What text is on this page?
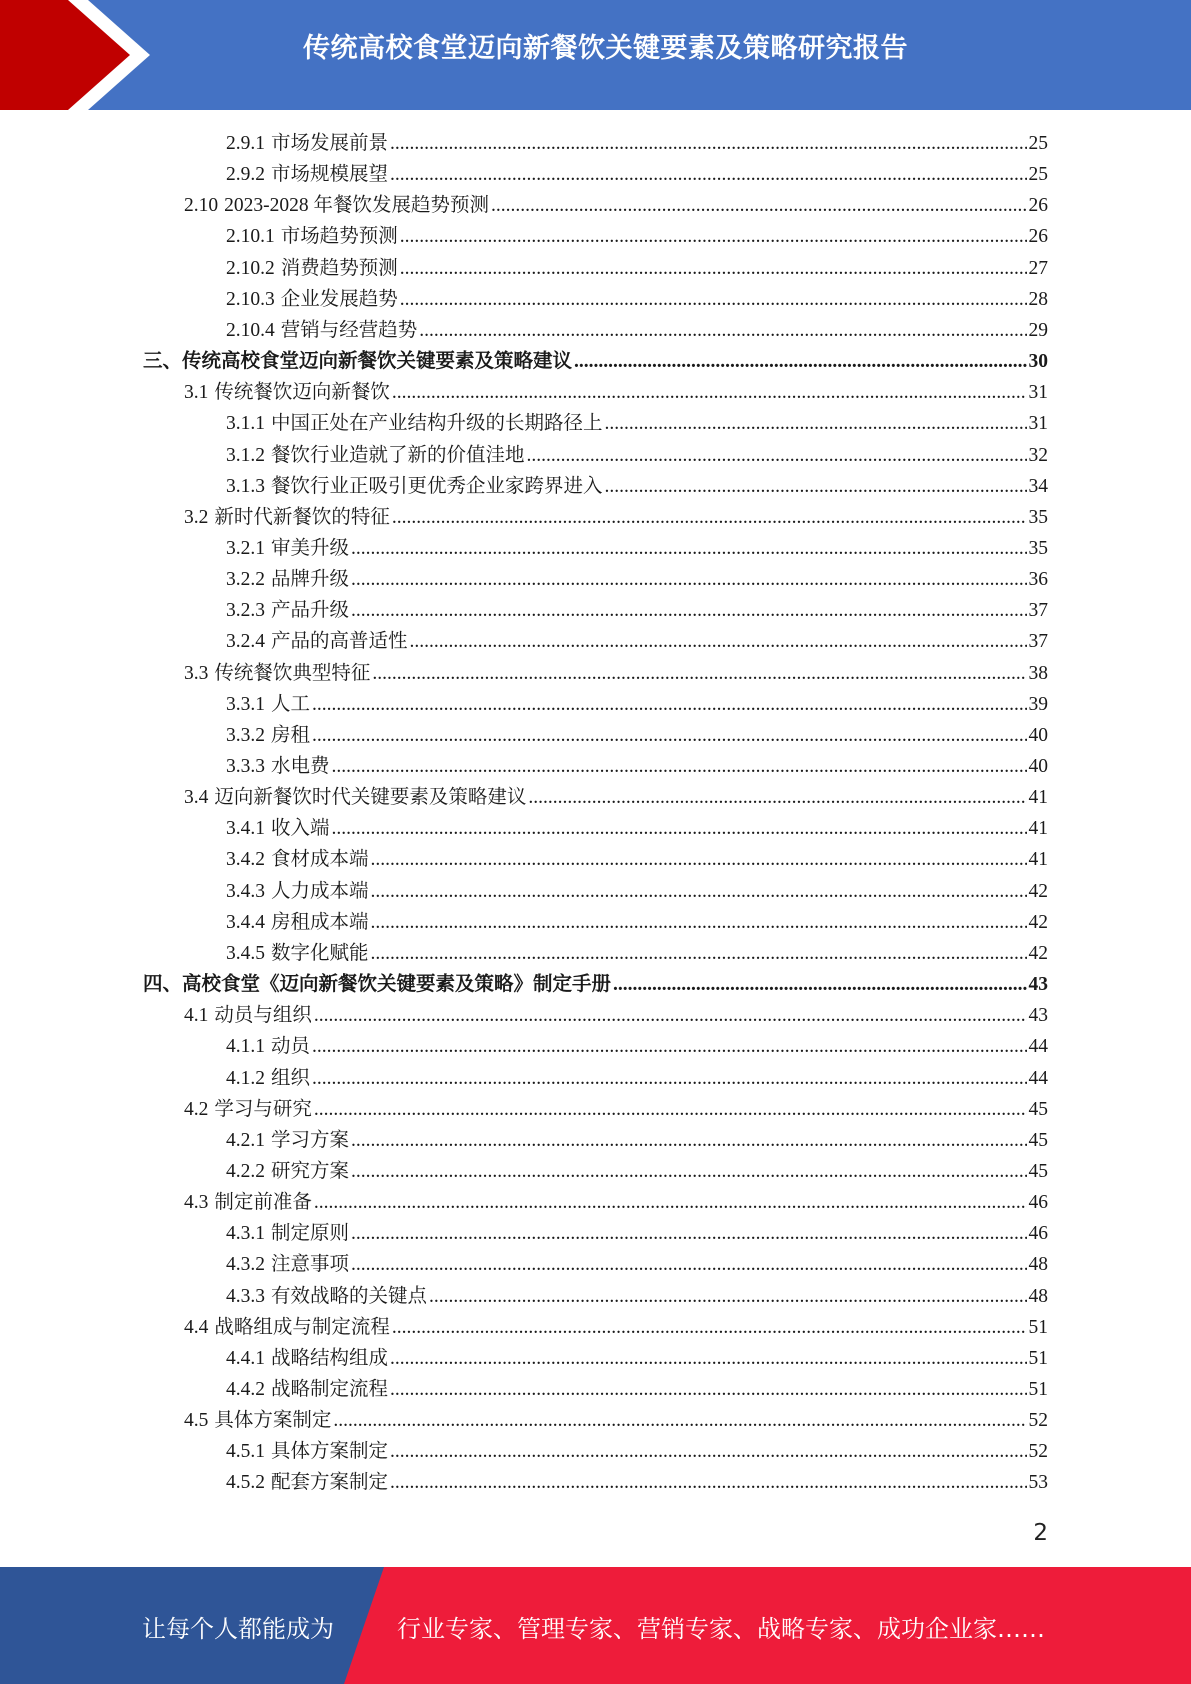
传统高校食堂迈向新餐饮关键要素及策略研究报告
2.9.1 市场发展前景 .....	25
2.9.2 市场规模展望 .....	25
2.10 2023-2028 年餐饮发展趋势预测 .....	26
2.10.1 市场趋势预测 .....	26
2.10.2 消费趋势预测 .....	27
2.10.3 企业发展趋势 .....	28
2.10.4 营销与经营趋势 .....	29
三、传统高校食堂迈向新餐饮关键要素及策略建议 .....	30
3.1 传统餐饮迈向新餐饮 .....	31
3.1.1 中国正处在产业结构升级的长期路径上 .....	31
3.1.2 餐饮行业造就了新的价值洼地 .....	32
3.1.3 餐饮行业正吸引更优秀企业家跨界进入 .....	34
3.2 新时代新餐饮的特征 .....	35
3.2.1 审美升级 .....	35
3.2.2 品牌升级 .....	36
3.2.3 产品升级 .....	37
3.2.4 产品的高普适性 .....	37
3.3 传统餐饮典型特征 .....	38
3.3.1 人工 .....	39
3.3.2 房租 .....	40
3.3.3 水电费 .....	40
3.4 迈向新餐饮时代关键要素及策略建议 .....	41
3.4.1 收入端 .....	41
3.4.2 食材成本端 .....	41
3.4.3 人力成本端 .....	42
3.4.4 房租成本端 .....	42
3.4.5 数字化赋能 .....	42
四、高校食堂《迈向新餐饮关键要素及策略》制定手册 .....	43
4.1 动员与组织 .....	43
4.1.1 动员 .....	44
4.1.2 组织 .....	44
4.2 学习与研究 .....	45
4.2.1 学习方案 .....	45
4.2.2 研究方案 .....	45
4.3 制定前准备 .....	46
4.3.1 制定原则 .....	46
4.3.2 注意事项 .....	48
4.3.3 有效战略的关键点 .....	48
4.4 战略组成与制定流程 .....	51
4.4.1 战略结构组成 .....	51
4.4.2 战略制定流程 .....	51
4.5 具体方案制定 .....	52
4.5.1 具体方案制定 .....	52
4.5.2 配套方案制定 .....	53
2
让每个人都能成为	行业专家、管理专家、营销专家、战略专家、成功企业家……
